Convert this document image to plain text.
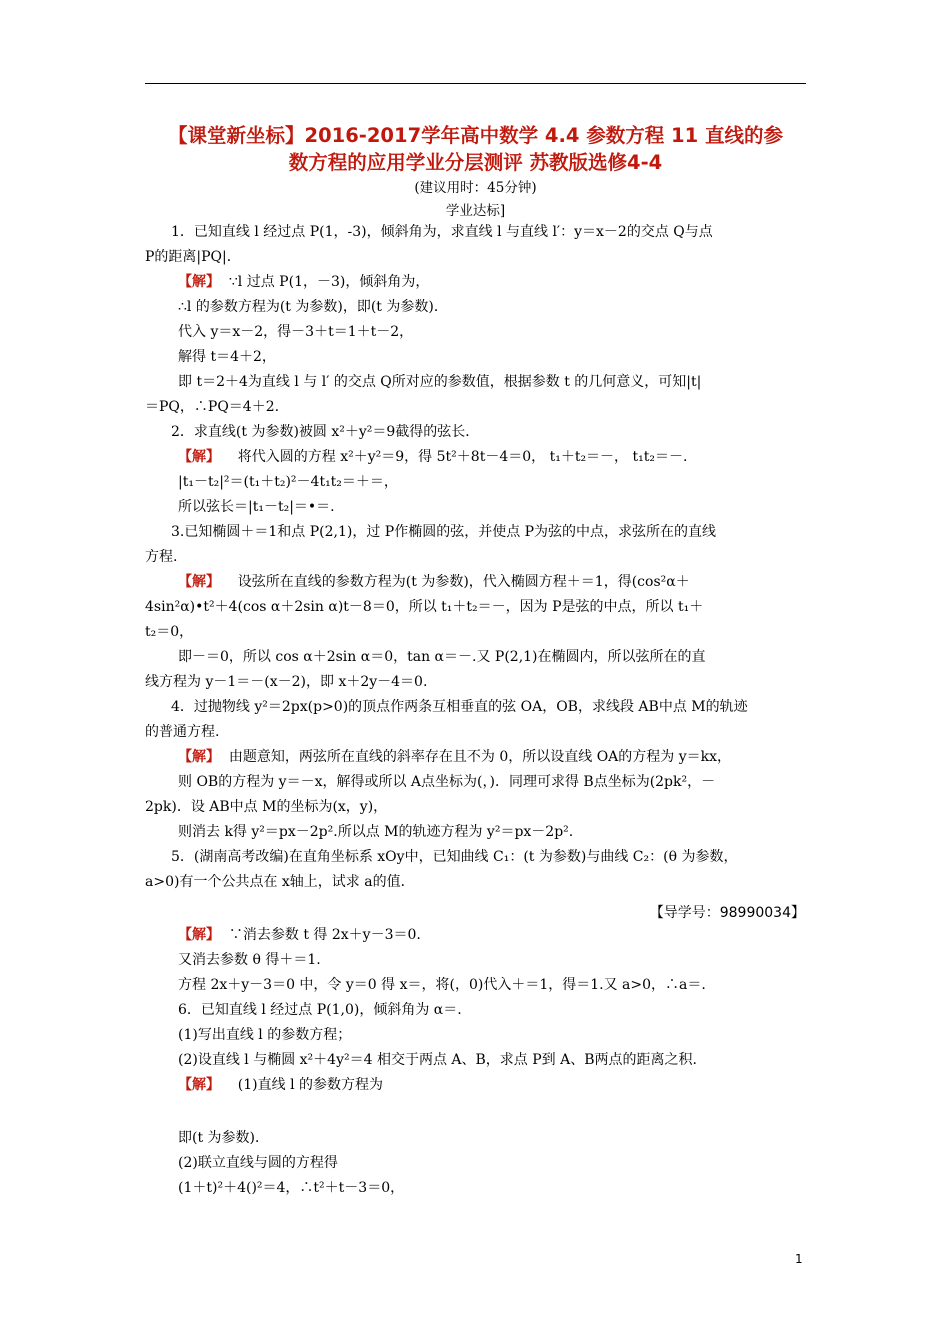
【课堂新坐标】2016-2017学年高中数学 4.4 参数方程 11 直线的参
数方程的应用学业分层测评 苏教版选修4-4
(建议用时：45分钟)
学业达标]
1．已知直线 l 经过点 P(1，-3)，倾斜角为，求直线 l 与直线 l′：y＝x－2的交点 Q与点
P的距离|PQ|．
【解】  ∵l 过点 P(1，－3)，倾斜角为，
∴l 的参数方程为(t 为参数)，即(t 为参数)．
代入 y＝x－2，得－3＋t＝1＋t－2，
解得 t＝4＋2，
即 t＝2＋4为直线 l 与 l′ 的交点 Q所对应的参数值，根据参数 t 的几何意义，可知|t|
＝PQ，∴PQ＝4＋2.
2．求直线(t 为参数)被圆 x²＋y²＝9截得的弦长．
【解】    将代入圆的方程 x²＋y²＝9，得 5t²＋8t－4＝0， t₁＋t₂＝－， t₁t₂＝－.
|t₁－t₂|²＝(t₁＋t₂)²－4t₁t₂＝＋＝，
所以弦长＝|t₁－t₂|＝•＝.
3.已知椭圆＋＝1和点 P(2,1)，过 P作椭圆的弦，并使点 P为弦的中点，求弦所在的直线
方程.
【解】    设弦所在直线的参数方程为(t 为参数)，代入椭圆方程＋＝1，得(cos²α＋
4sin²α)•t²＋4(cos α＋2sin α)t－8＝0，所以 t₁＋t₂＝－，因为 P是弦的中点，所以 t₁＋
t₂＝0，
即－＝0，所以 cos α＋2sin α＝0，tan α＝－.又 P(2,1)在椭圆内，所以弦所在的直
线方程为 y－1＝－(x－2)，即 x＋2y－4＝0.
4．过抛物线 y²＝2px(p>0)的顶点作两条互相垂直的弦 OA，OB，求线段 AB中点 M的轨迹
的普通方程.
【解】  由题意知，两弦所在直线的斜率存在且不为 0，所以设直线 OA的方程为 y＝kx，
则 OB的方程为 y＝－x，解得或所以 A点坐标为(，)．同理可求得 B点坐标为(2pk²，－
2pk)．设 AB中点 M的坐标为(x，y)，
则消去 k得 y²＝px－2p².所以点 M的轨迹方程为 y²＝px－2p².
5．(湖南高考改编)在直角坐标系 xOy中，已知曲线 C₁：(t 为参数)与曲线 C₂：(θ 为参数，
a>0)有一个公共点在 x轴上，试求 a的值．
【解】  ∵消去参数 t 得 2x＋y－3＝0.
又消去参数 θ 得＋＝1.
方程 2x＋y－3＝0 中，令 y＝0 得 x＝，将(，0)代入＋＝1，得＝1.又 a>0，∴a＝.
6．已知直线 l 经过点 P(1,0)，倾斜角为 α＝.
(1)写出直线 l 的参数方程；
(2)设直线 l 与椭圆 x²＋4y²＝4 相交于两点 A、B，求点 P到 A、B两点的距离之积.
【解】    (1)直线 l 的参数方程为
即(t 为参数)．
(2)联立直线与圆的方程得
(1＋t)²＋4()²＝4，∴t²＋t－3＝0，
【导学号：98990034】
1
